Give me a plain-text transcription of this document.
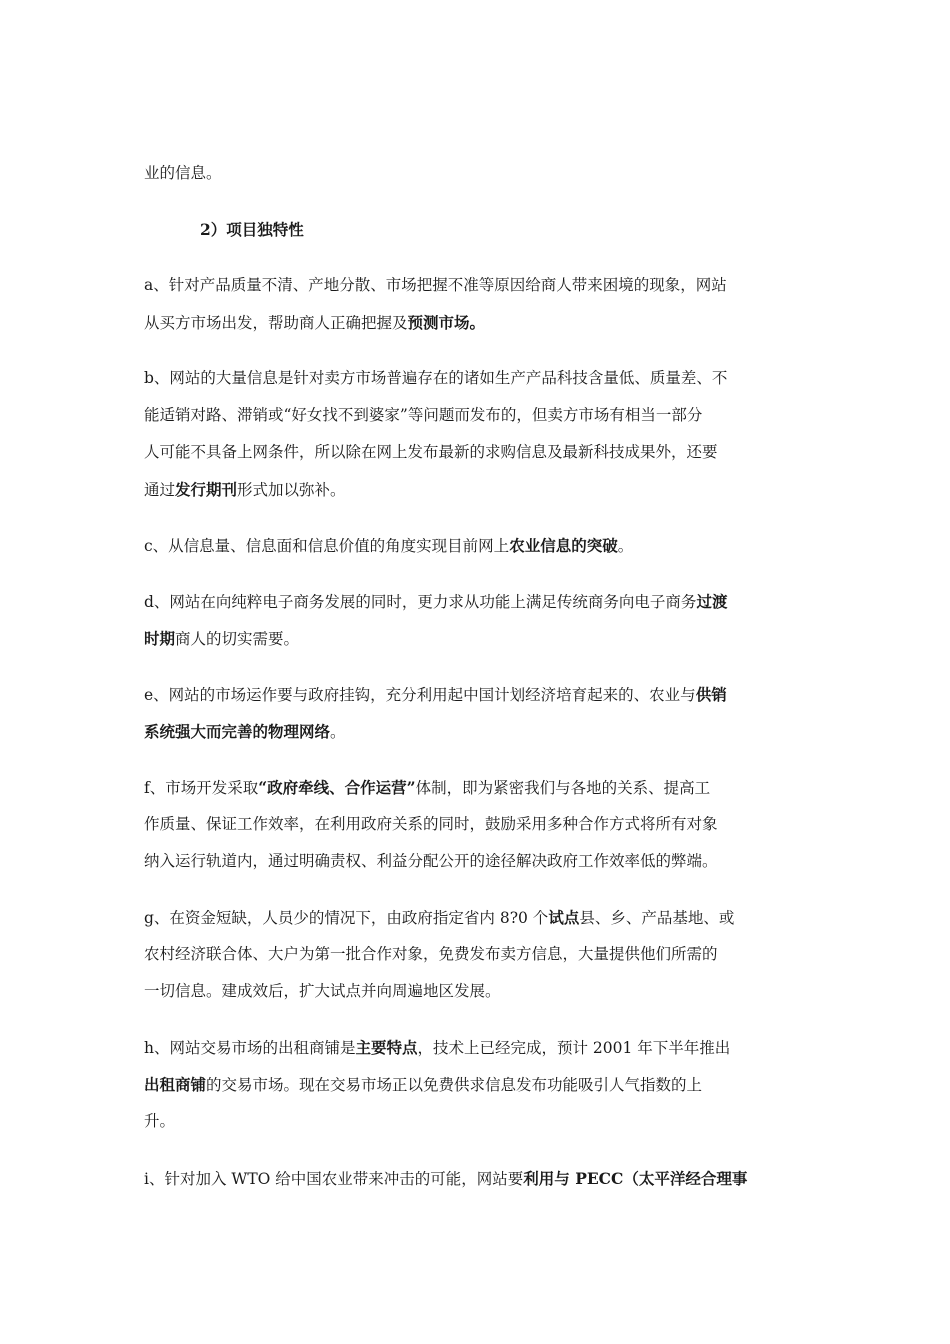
业的信息。

2）项目独特性

a、针对产品质量不清、产地分散、市场把握不准等原因给商人带来困境的现象，网站
从买方市场出发，帮助商人正确把握及预测市场。
b、网站的大量信息是针对卖方市场普遍存在的诸如生产产品科技含量低、质量差、不
能适销对路、滞销或“好女找不到婆家”等问题而发布的，但卖方市场有相当一部分
人可能不具备上网条件，所以除在网上发布最新的求购信息及最新科技成果外，还要
通过发行期刊形式加以弥补。
c、从信息量、信息面和信息价值的角度实现目前网上农业信息的突破。
d、网站在向纯粹电子商务发展的同时，更力求从功能上满足传统商务向电子商务过渡
时期商人的切实需要。
e、网站的市场运作要与政府挂钩，充分利用起中国计划经济培育起来的、农业与供销
系统强大而完善的物理网络。
f、市场开发采取“政府牵线、合作运营”体制，即为紧密我们与各地的关系、提高工
作质量、保证工作效率，在利用政府关系的同时，鼓励采用多种合作方式将所有对象
纳入运行轨道内，通过明确责权、利益分配公开的途径解决政府工作效率低的弊端。
g、在资金短缺，人员少的情况下，由政府指定省内 8?0 个试点县、乡、产品基地、或
农村经济联合体、大户为第一批合作对象，免费发布卖方信息，大量提供他们所需的
一切信息。建成效后，扩大试点并向周遍地区发展。
h、网站交易市场的出租商铺是主要特点，技术上已经完成，预计 2001 年下半年推出
出租商铺的交易市场。现在交易市场正以免费供求信息发布功能吸引人气指数的上
升。
i、针对加入 WTO 给中国农业带来冲击的可能，网站要利用与 PECC（太平洋经合理事
